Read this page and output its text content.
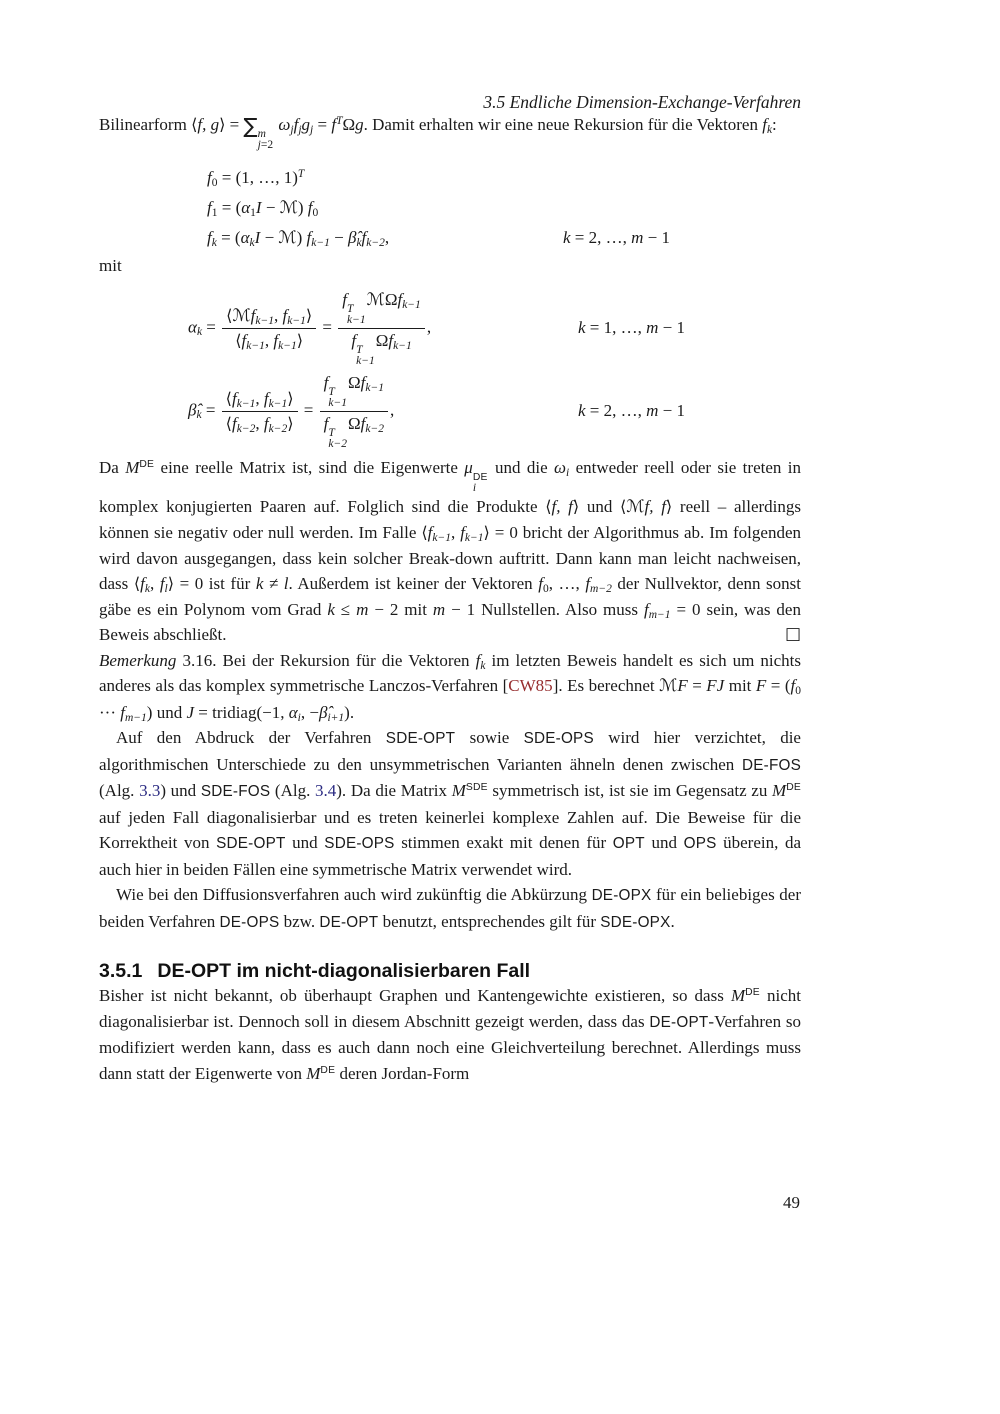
3.5 Endliche Dimension-Exchange-Verfahren

Bilinearform ⟨f, g⟩ = ∑ m
j=2
$\omega_jf_jg_j = f^T\Omega g$. Damit erhalten wir eine neue Rekursion für die Vektoren $f_k$:

$f_0 = (1$, …, 1)$^T$
$f_1 = (\alpha_1I$ − ℳ) $f_0$
$f_k = (\alpha_kI$ − ℳ) $f_{k-1}$ − $\betâ_kf_{k-2}$,	k = 2, …, m − 1

mit

$\alpha_k = \frac{⟨ℳf_{k-1}, f_{k-1}⟩}{⟨f_{k-1}, f_{k-1}⟩} = f$ T
k−1
ℳΩf$_{k-1}$
f T
k−1
$\Omega f_{k-1}$ ,	k = 1, …, m − 1
$\betâ_k = \frac{⟨f_{k-1}, f_{k-1}⟩}{⟨f_{k-2}, f_{k-2}⟩} = f$ T
k−1
$\Omega f_{k-1}$
f T
k−2
$\Omega f_{k-2}$ ,	k = 2, …, m − 1

Da MDE eine reelle Matrix ist, sind die Eigenwerte μ
DE
i
und die $\omega_i$ entweder reell oder sie treten in komplex konjugierten Paaren auf. Folglich sind die Produkte ⟨f, f⟩ und ⟨ℳf, f⟩ reell – allerdings können sie negativ oder null werden. Im Falle $⟨f_{k-1}$, $f_{k-1}⟩ = 0$ bricht der Algorithmus ab. Im folgenden wird davon ausgegangen, dass kein solcher Break-down auftritt. Dann kann man leicht nachweisen, dass $⟨f_k$, $f_l⟩ = 0$ ist für k ≠ l. Außerdem ist keiner der Vektoren $f_0$, …, $f_{m-2}$ der Nullvektor, denn sonst gäbe es ein Polynom vom Grad k ≤ m − 2 mit m − 1 Nullstellen. Also muss $f_{m-1} = 0$ sein, was den Beweis abschließt.	□

Bemerkung 3.16. Bei der Rekursion für die Vektoren $f_k$ im letzten Beweis handelt es sich um nichts anderes als das komplex symmetrische Lanczos-Verfahren [CW85]. Es berechnet ℳF = FJ mit $F = (f_0$ ··· $f_{m-1}$) und J = tridiag(−1, $\alpha_i$, $-\betâ_{i+1}$).

Auf den Abdruck der Verfahren SDE-OPT sowie SDE-OPS wird hier verzichtet, die algorithmischen Unterschiede zu den unsymmetrischen Varianten ähneln denen zwischen DE-FOS (Alg. 3.3) und SDE-FOS (Alg. 3.4). Da die Matrix $M^{SDE}$ symmetrisch ist, ist sie im Gegensatz zu MDE auf jeden Fall diagonalisierbar und es treten keinerlei komplexe Zahlen auf. Die Beweise für die Korrektheit von SDE-OPT und SDE-OPS stimmen exakt mit denen für OPT und OPS überein, da auch hier in beiden Fällen eine symmetrische Matrix verwendet wird.

Wie bei den Diffusionsverfahren auch wird zukünftig die Abkürzung DE-OPX für ein beliebiges der beiden Verfahren DE-OPS bzw. DE-OPT benutzt, entsprechendes gilt für SDE-OPX.

3.5.1 DE-OPT im nicht-diagonalisierbaren Fall

Bisher ist nicht bekannt, ob überhaupt Graphen und Kantengewichte existieren, so dass MDE nicht diagonalisierbar ist. Dennoch soll in diesem Abschnitt gezeigt werden, dass das DE-OPT-Verfahren so modifiziert werden kann, dass es auch dann noch eine Gleichverteilung berechnet. Allerdings muss dann statt der Eigenwerte von MDE deren Jordan-Form

49
